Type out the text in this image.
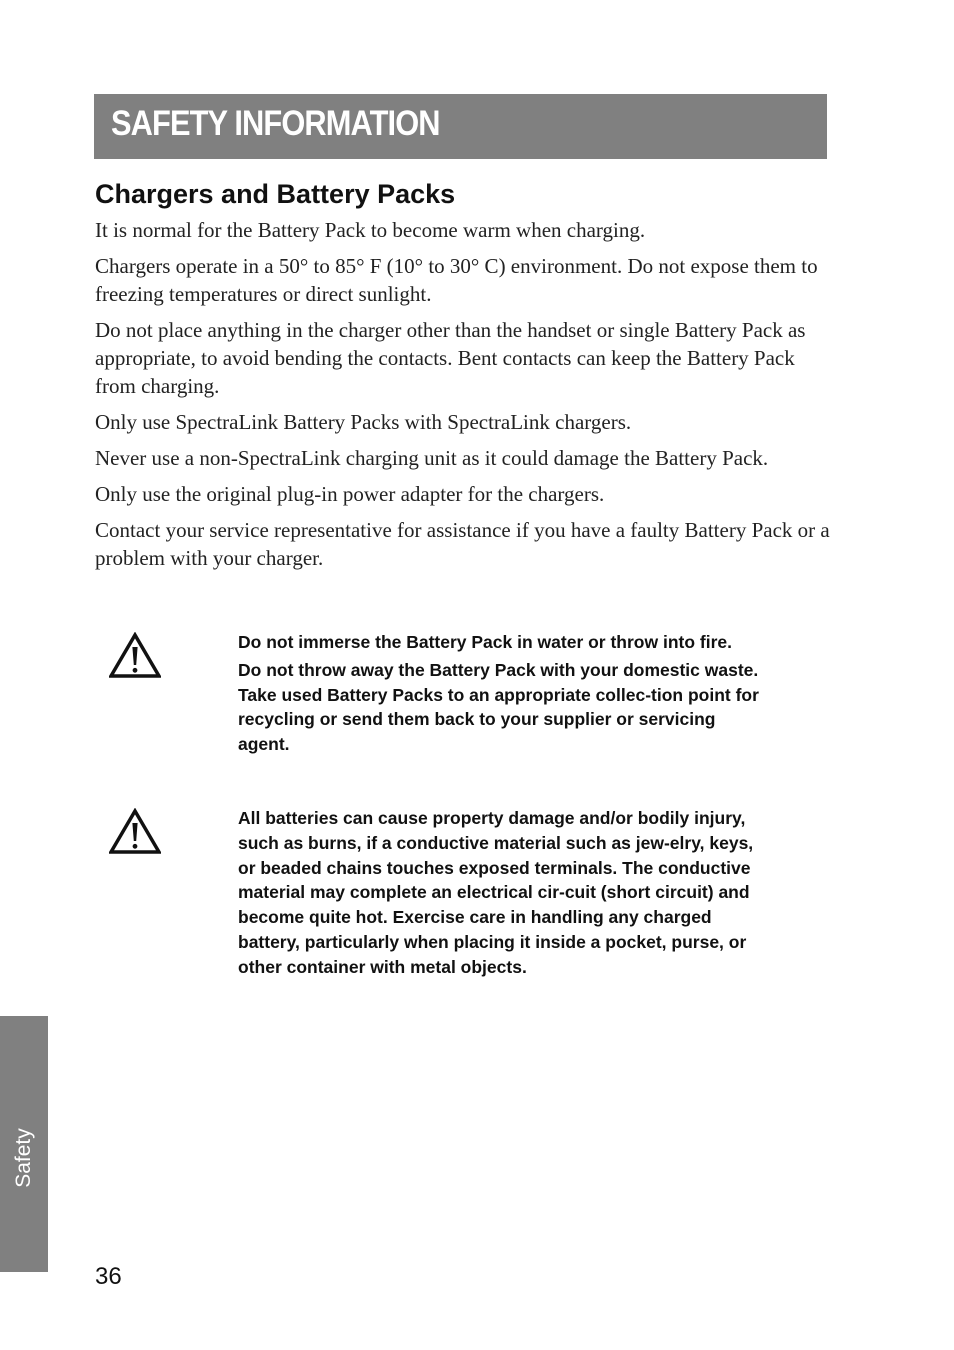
SAFETY INFORMATION
Chargers and Battery Packs

It is normal for the Battery Pack to become warm when charging.

Chargers operate in a 50° to 85° F (10° to 30° C) environment. Do not expose them to freezing temperatures or direct sunlight.

Do not place anything in the charger other than the handset or single Battery Pack as appropriate, to avoid bending the contacts. Bent contacts can keep the Battery Pack from charging.

Only use SpectraLink Battery Packs with SpectraLink chargers.

Never use a non-SpectraLink charging unit as it could damage the Battery Pack.

Only use the original plug-in power adapter for the chargers.

Contact your service representative for assistance if you have a faulty Battery Pack or a problem with your charger.

Do not immerse the Battery Pack in water or throw into fire.

Do not throw away the Battery Pack with your domestic waste. Take used Battery Packs to an appropriate collec-tion point for recycling or send them back to your supplier or servicing agent.

All batteries can cause property damage and/or bodily injury, such as burns, if a conductive material such as jew-elry, keys, or beaded chains touches exposed terminals. The conductive material may complete an electrical cir-cuit (short circuit) and become quite hot. Exercise care in handling any charged battery, particularly when placing it inside a pocket, purse, or other container with metal objects.

Safety
36
